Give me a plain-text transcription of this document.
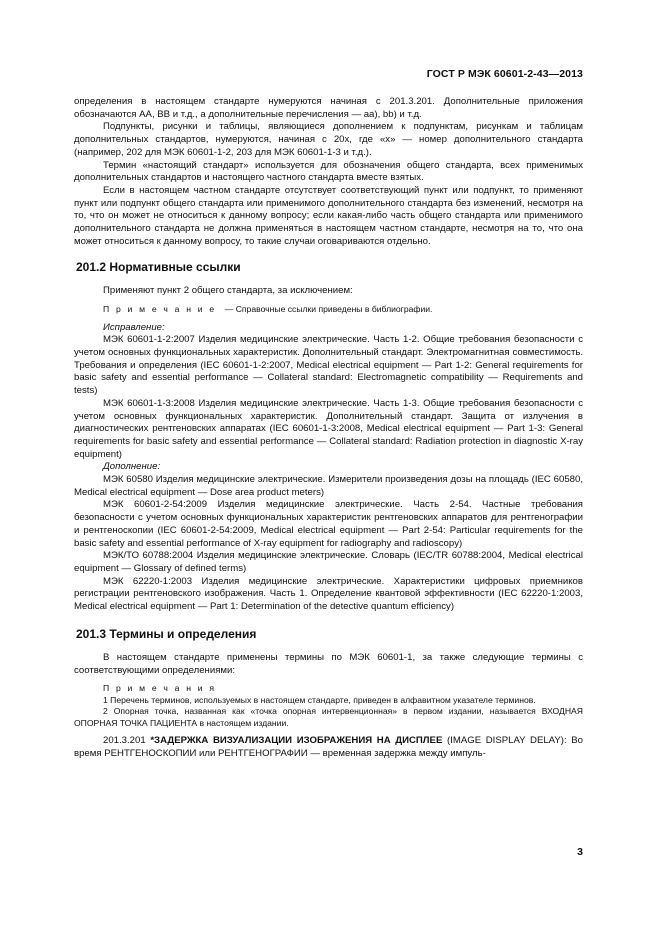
ГОСТ Р МЭК 60601-2-43—2013

определения в настоящем стандарте нумеруются начиная с 201.3.201. Дополнительные приложения обозначаются АА, ВВ и т.д., а дополнительные перечисления — аа), bb) и т.д.

Подпункты, рисунки и таблицы, являющиеся дополнением к подпунктам, рисункам и таблицам дополнительных стандартов, нумеруются, начиная с 20x, где «x» — номер дополнительного стандарта (например, 202 для МЭК 60601-1-2, 203 для МЭК 60601-1-3 и т.д.).

Термин «настоящий стандарт» используется для обозначения общего стандарта, всех применимых дополнительных стандартов и настоящего частного стандарта вместе взятых.

Если в настоящем частном стандарте отсутствует соответствующий пункт или подпункт, то применяют пункт или подпункт общего стандарта или применимого дополнительного стандарта без изменений, несмотря на то, что он может не относиться к данному вопросу; если какая-либо часть общего стандарта или применимого дополнительного стандарта не должна применяться в настоящем частном стандарте, несмотря на то, что она может относиться к данному вопросу, то такие случаи оговариваются отдельно.

201.2 Нормативные ссылки

Применяют пункт 2 общего стандарта, за исключением:

П р и м е ч а н и е — Справочные ссылки приведены в библиографии.

Исправление:

МЭК 60601-1-2:2007 Изделия медицинские электрические. Часть 1-2. Общие требования безопасности с учетом основных функциональных характеристик. Дополнительный стандарт. Электромагнитная совместимость. Требования и определения (IEC 60601-1-2:2007, Medical electrical equipment — Part 1-2: General requirements for basic safety and essential performance — Collateral standard: Electromagnetic compatibility — Requirements and tests)

МЭК 60601-1-3:2008 Изделия медицинские электрические. Часть 1-3. Общие требования безопасности с учетом основных функциональных характеристик. Дополнительный стандарт. Защита от излучения в диагностических рентгеновских аппаратах (IEC 60601-1-3:2008, Medical electrical equipment — Part 1-3: General requirements for basic safety and essential performance — Collateral standard: Radiation protection in diagnostic X-ray equipment)

Дополнение:

МЭК 60580 Изделия медицинские электрические. Измерители произведения дозы на площадь (IEC 60580, Medical electrical equipment — Dose area product meters)

МЭК 60601-2-54:2009 Изделия медицинские электрические. Часть 2-54. Частные требования безопасности с учетом основных функциональных характеристик рентгеновских аппаратов для рентгенографии и рентгеноскопии (IEC 60601-2-54:2009, Medical electrical equipment — Part 2-54: Particular requirements for the basic safety and essential performance of X-ray equipment for radiography and radioscopy)

МЭК/ТО 60788:2004 Изделия медицинские электрические. Словарь (IEC/TR 60788:2004, Medical electrical equipment — Glossary of defined terms)

МЭК 62220-1:2003 Изделия медицинские электрические. Характеристики цифровых приемников регистрации рентгеновского изображения. Часть 1. Определение квантовой эффективности (IEC 62220-1:2003, Medical electrical equipment — Part 1: Determination of the detective quantum efficiency)

201.3 Термины и определения

В настоящем стандарте применены термины по МЭК 60601-1, за также следующие термины с соответствующими определениями:

П р и м е ч а н и я

1 Перечень терминов, используемых в настоящем стандарте, приведен в алфавитном указателе терминов.

2 Опорная точка, названная как «точка опорная интервенционная» в первом издании, называется ВХОДНАЯ ОПОРНАЯ ТОЧКА ПАЦИЕНТА в настоящем издании.

201.3.201 *ЗАДЕРЖКА ВИЗУАЛИЗАЦИИ ИЗОБРАЖЕНИЯ НА ДИСПЛЕЕ (IMAGE DISPLAY DELAY): Во время РЕНТГЕНОСКОПИИ или РЕНТГЕНОГРАФИИ — временная задержка между импуль-

3
